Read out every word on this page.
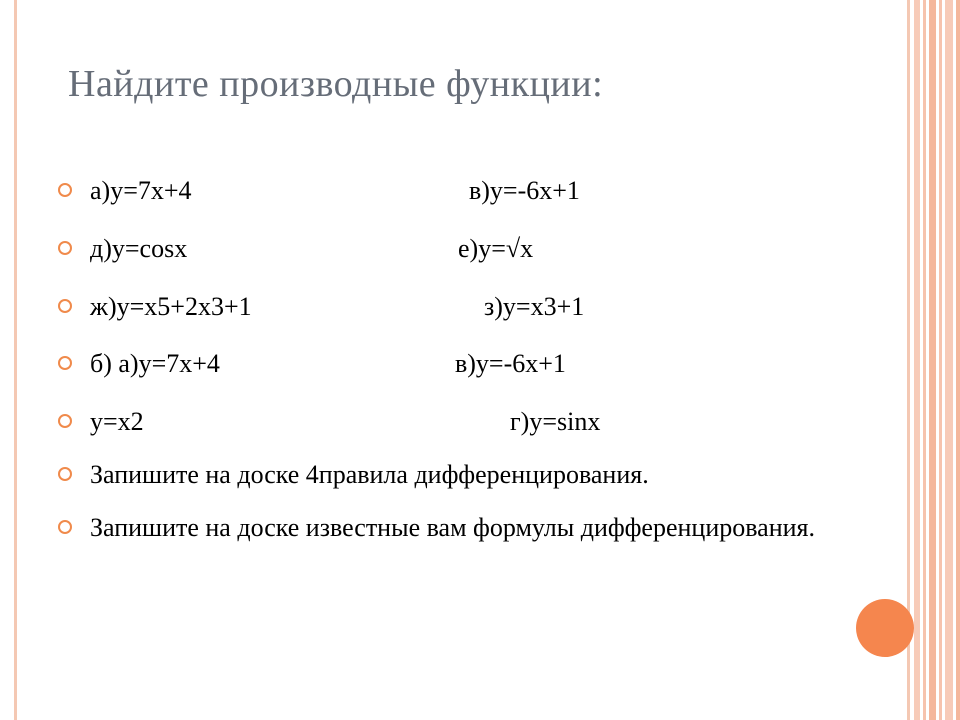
Найдите производные функции:
а)y=7x+4	в)y=-6x+1
д)y=cosx	е)y=√x
ж)y=x5+2x3+1	з)y=x3+1
б) а)y=7x+4	в)y=-6x+1
y=x2	г)y=sinx
Запишите на доске 4правила дифференцирования.
Запишите на доске известные вам формулы дифференцирования.
